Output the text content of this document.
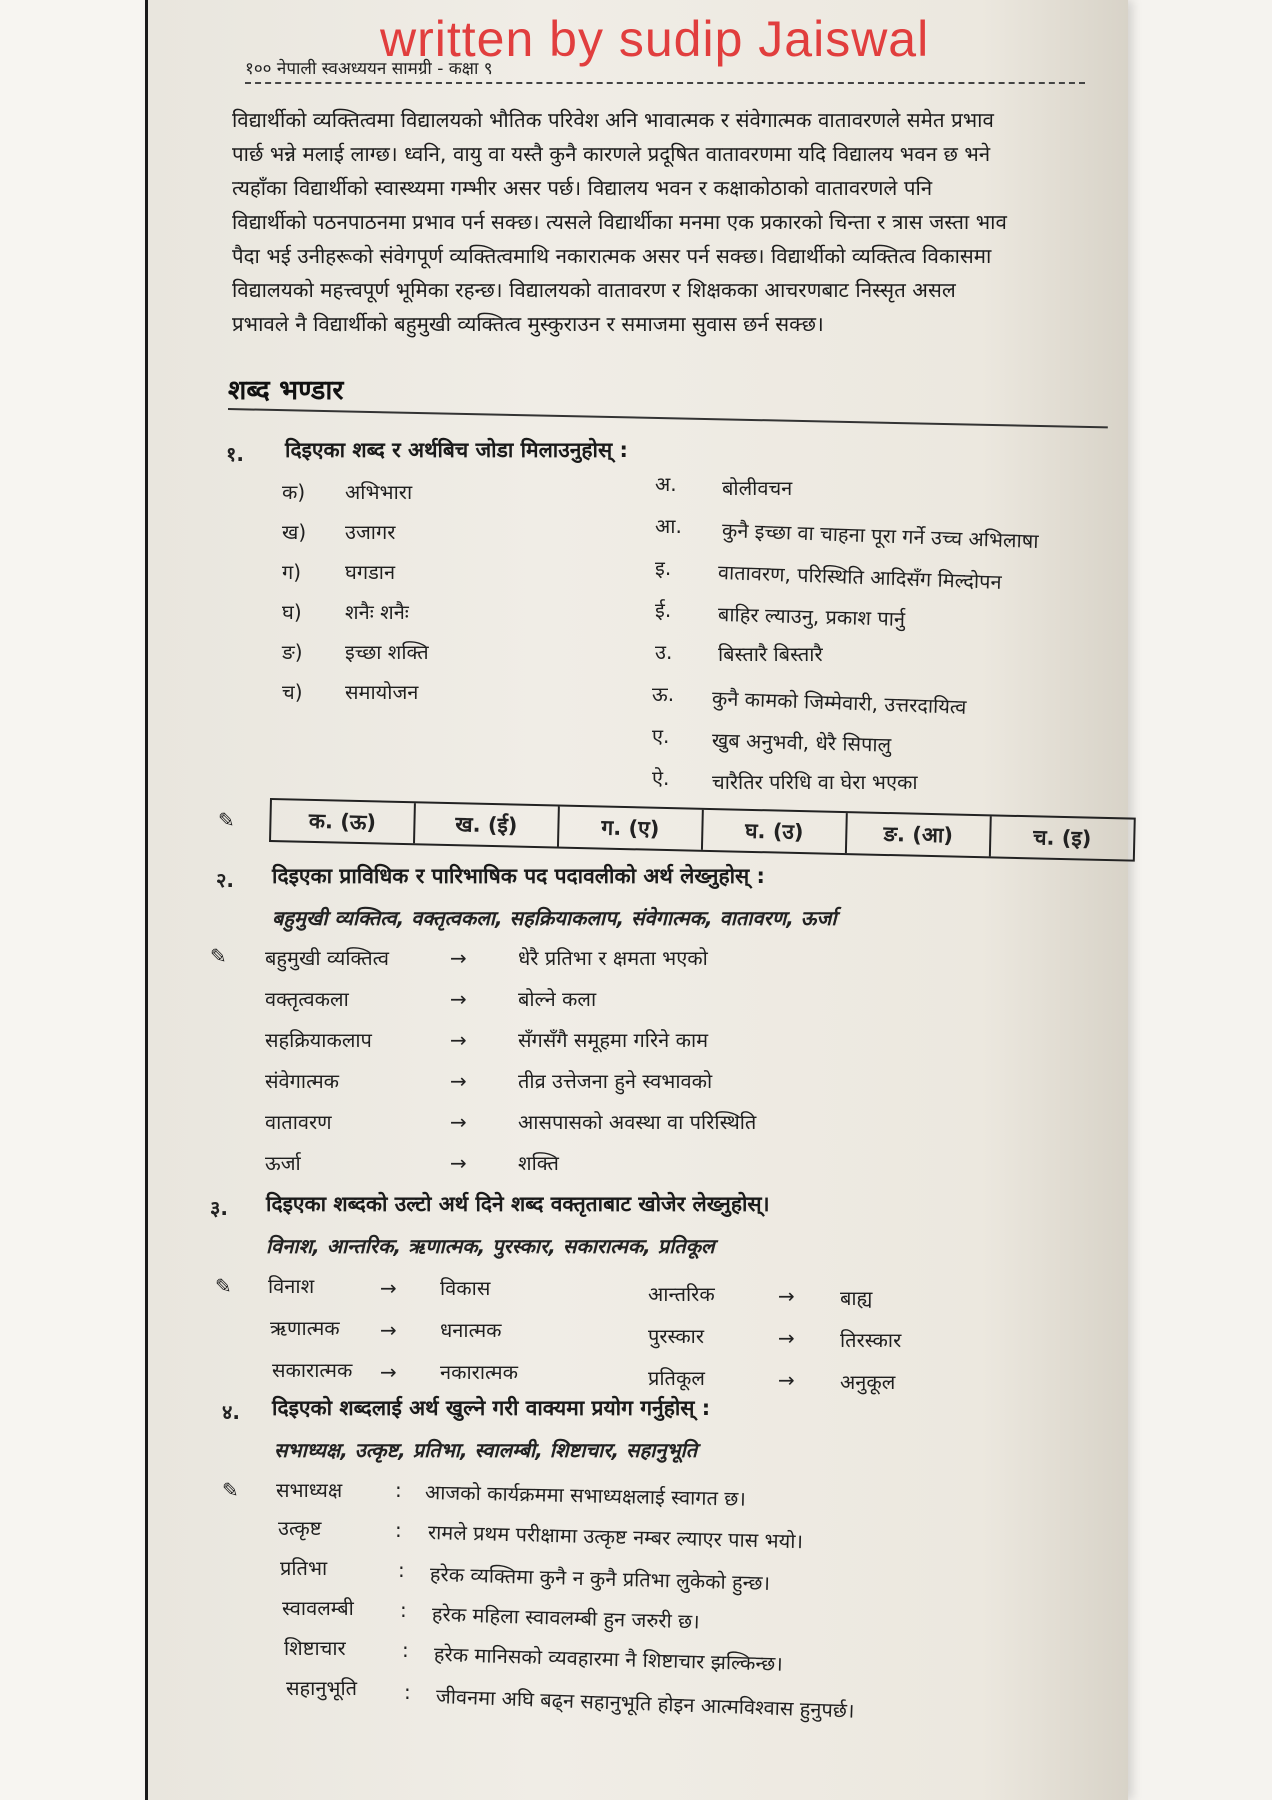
written by sudip Jaiswal
१०० नेपाली स्वअध्ययन सामग्री - कक्षा ९
विद्यार्थीको व्यक्तित्वमा विद्यालयको भौतिक परिवेश अनि भावात्मक र संवेगात्मक वातावरणले समेत प्रभाव
पार्छ भन्ने मलाई लाग्छ। ध्वनि, वायु वा यस्तै कुनै कारणले प्रदूषित वातावरणमा यदि विद्यालय भवन छ भने
त्यहाँका विद्यार्थीको स्वास्थ्यमा गम्भीर असर पर्छ। विद्यालय भवन र कक्षाकोठाको वातावरणले पनि
विद्यार्थीको पठनपाठनमा प्रभाव पर्न सक्छ। त्यसले विद्यार्थीका मनमा एक प्रकारको चिन्ता र त्रास जस्ता भाव
पैदा भई उनीहरूको संवेगपूर्ण व्यक्तित्वमाथि नकारात्मक असर पर्न सक्छ। विद्यार्थीको व्यक्तित्व विकासमा
विद्यालयको महत्त्वपूर्ण भूमिका रहन्छ। विद्यालयको वातावरण र शिक्षकका आचरणबाट निस्सृत असल
प्रभावले नै विद्यार्थीको बहुमुखी व्यक्तित्व मुस्कुराउन र समाजमा सुवास छर्न सक्छ।
शब्द भण्डार
१. दिइएका शब्द र अर्थबिच जोडा मिलाउनुहोस् :
क) अभिभारा
ख) उजागर
ग) घगडान
घ) शनैः शनैः
ङ) इच्छा शक्ति
च) समायोजन
अ. बोलीवचन
आ. कुनै इच्छा वा चाहना पूरा गर्ने उच्च अभिलाषा
इ. वातावरण, परिस्थिति आदिसँग मिल्दोपन
ई. बाहिर ल्याउनु, प्रकाश पार्नु
उ. बिस्तारै बिस्तारै
ऊ. कुनै कामको जिम्मेवारी, उत्तरदायित्व
ए. खुब अनुभवी, धेरै सिपालु
ऐ. चारैतिर परिधि वा घेरा भएका
✎	क. (ऊ)	ख. (ई)	ग. (ए)	घ. (उ)	ङ. (आ)	च. (इ)
२. दिइएका प्राविधिक र पारिभाषिक पद पदावलीको अर्थ लेख्नुहोस् :
बहुमुखी व्यक्तित्व, वक्तृत्वकला, सहक्रियाकलाप, संवेगात्मक, वातावरण, ऊर्जा
✎ बहुमुखी व्यक्तित्व	→	धेरै प्रतिभा र क्षमता भएको
वक्तृत्वकला	→	बोल्ने कला
सहक्रियाकलाप	→	सँगसँगै समूहमा गरिने काम
संवेगात्मक	→	तीव्र उत्तेजना हुने स्वभावको
वातावरण	→	आसपासको अवस्था वा परिस्थिति
ऊर्जा	→	शक्ति
३. दिइएका शब्दको उल्टो अर्थ दिने शब्द वक्तृताबाट खोजेर लेख्नुहोस्।
विनाश, आन्तरिक, ऋणात्मक, पुरस्कार, सकारात्मक, प्रतिकूल
✎ विनाश	→ विकास
ऋणात्मक → धनात्मक
सकारात्मक → नकारात्मक
आन्तरिक	→ बाह्य
पुरस्कार	→ तिरस्कार
प्रतिकूल	→ अनुकूल
४. दिइएको शब्दलाई अर्थ खुल्ने गरी वाक्यमा प्रयोग गर्नुहोस् :
सभाध्यक्ष, उत्कृष्ट, प्रतिभा, स्वालम्बी, शिष्टाचार, सहानुभूति
✎ सभाध्यक्ष	: आजको कार्यक्रममा सभाध्यक्षलाई स्वागत छ।
उत्कृष्ट	: रामले प्रथम परीक्षामा उत्कृष्ट नम्बर ल्याएर पास भयो।
प्रतिभा	: हरेक व्यक्तिमा कुनै न कुनै प्रतिभा लुकेको हुन्छ।
स्वावलम्बी : हरेक महिला स्वावलम्बी हुन जरुरी छ।
शिष्टाचार	: हरेक मानिसको व्यवहारमा नै शिष्टाचार झल्किन्छ।
सहानुभूति : जीवनमा अघि बढ्न सहानुभूति होइन आत्मविश्वास हुनुपर्छ।
